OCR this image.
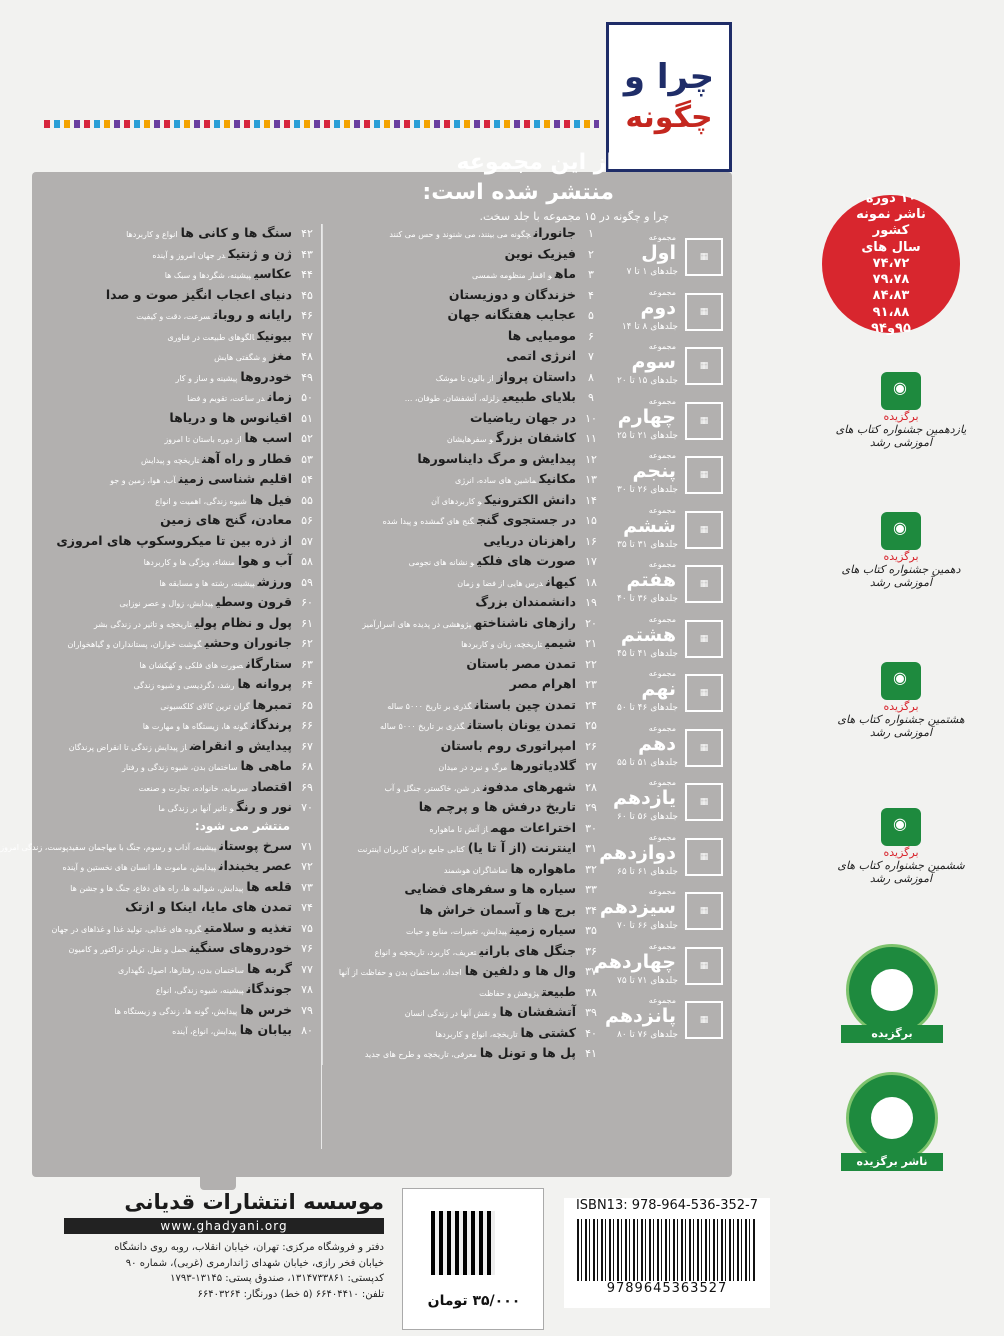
چرا و
چگونه
از این مجموعه
منتشر شده است:
چرا و چگونه در ۱۵ مجموعه با جلد سخت.
۱۰ دوره
ناشر نمونه
کشور
سال های
۷۴،۷۲
۷۹،۷۸
۸۴،۸۳
۹۱،۸۸
۹۵و۹۴
◉
برگزیده
یازدهمین جشنواره کتاب های آموزشی رشد
◉
برگزیده
دهمین جشنواره کتاب های آموزشی رشد
◉
برگزیده
هشتمین جشنواره کتاب های آموزشی رشد
◉
برگزیده
ششمین جشنواره کتاب های آموزشی رشد
برگزیده
ناشر برگزیده
▦
مجموعه
اول
جلدهای ۱ تا ۷
▦
مجموعه
دوم
جلدهای ۸ تا ۱۴
▦
مجموعه
سوم
جلدهای ۱۵ تا ۲۰
▦
مجموعه
چهارم
جلدهای ۲۱ تا ۲۵
▦
مجموعه
پنجم
جلدهای ۲۶ تا ۳۰
▦
مجموعه
ششم
جلدهای ۳۱ تا ۳۵
▦
مجموعه
هفتم
جلدهای ۳۶ تا ۴۰
▦
مجموعه
هشتم
جلدهای ۴۱ تا ۴۵
▦
مجموعه
نهم
جلدهای ۴۶ تا ۵۰
▦
مجموعه
دهم
جلدهای ۵۱ تا ۵۵
▦
مجموعه
یازدهم
جلدهای ۵۶ تا ۶۰
▦
مجموعه
دوازدهم
جلدهای ۶۱ تا ۶۵
▦
مجموعه
سیزدهم
جلدهای ۶۶ تا ۷۰
▦
مجموعه
چهاردهم
جلدهای ۷۱ تا ۷۵
▦
مجموعه
پانزدهم
جلدهای ۷۶ تا ۸۰
۱
جانورانچگونه می بینند، می شنوند و حس می کنند
۲
فیزیک نوین
۳
ماهو اقمار منظومه شمسی
۴
خزندگان و دوزیستان
۵
عجایب هفتگانه جهان
۶
مومیایی ها
۷
انرژی اتمی
۸
داستان پروازاز بالون تا موشک
۹
بلایای طبیعیزلزله، آتشفشان، طوفان، ...
۱۰
در جهان ریاضیات
۱۱
کاشفان بزرگو سفرهایشان
۱۲
پیدایش و مرگ دایناسورها
۱۳
مکانیکماشین های ساده، انرژی
۱۴
دانش الکترونیکو کاربردهای آن
۱۵
در جستجوی گنجگنج های گمشده و پیدا شده
۱۶
راهزنان دریایی
۱۷
صورت های فلکیو نشانه های نجومی
۱۸
کیهاندرس هایی از فضا و زمان
۱۹
دانشمندان بزرگ
۲۰
رازهای ناشناختهپژوهشی در پدیده های اسرارآمیز
۲۱
شیمیتاریخچه، زبان و کاربردها
۲۲
تمدن مصر باستان
۲۳
اهرام مصر
۲۴
تمدن چین باستانگذری بر تاریخ ۵۰۰۰ ساله
۲۵
تمدن یونان باستانگذری بر تاریخ ۵۰۰۰ ساله
۲۶
امپراتوری روم باستان
۲۷
گلادیاتورهامرگ و نبرد در میدان
۲۸
شهرهای مدفوندر شن، خاکستر، جنگل و آب
۲۹
تاریخ درفش ها و پرچم ها
۳۰
اختراعات مهماز آتش تا ماهواره
۳۱
اینترنت (از آ تا یا)کتابی جامع برای کاربران اینترنت
۳۲
ماهواره هاتماشاگران هوشمند
۳۳
سیاره ها و سفرهای فضایی
۳۴
برج ها و آسمان خراش ها
۳۵
سیاره زمینپیدایش، تغییرات، منابع و حیات
۳۶
جنگل های بارانیتعریف، کاربرد، تاریخچه و انواع
۳۷
وال ها و دلفین هااجداد، ساختمان بدن و حفاظت از آنها
۳۸
طبیعتپژوهش و حفاظت
۳۹
آتشفشان هاو نقش آنها در زندگی انسان
۴۰
کشتی هاتاریخچه، انواع و کاربردها
۴۱
پل ها و تونل هامعرفی، تاریخچه و طرح های جدید
۴۲
سنگ ها و کانی هاانواع و کاربردها
۴۳
ژن و ژنتیکدر جهان امروز و آینده
۴۴
عکاسیپیشینه، شگردها و سبک ها
۴۵
دنیای اعجاب انگیز صوت و صدا
۴۶
رایانه و روباتسرعت، دقت و کیفیت
۴۷
بیونیکالگوهای طبیعت در فناوری
۴۸
مغزو شگفتی هایش
۴۹
خودروهاپیشینه و ساز و کار
۵۰
زماندر ساعت، تقویم و فضا
۵۱
اقیانوس ها و دریاها
۵۲
اسب هااز دوره باستان تا امروز
۵۳
قطار و راه آهنتاریخچه و پیدایش
۵۴
اقلیم شناسی زمینآب، هوا، زمین و جو
۵۵
فیل هاشیوه زندگی، اهمیت و انواع
۵۶
معادن، گنج های زمین
۵۷
از ذره بین تا میکروسکوپ های امروزی
۵۸
آب و هوامنشاء، ویژگی ها و کاربردها
۵۹
ورزشپیشینه، رشته ها و مسابقه ها
۶۰
قرون وسطیپیدایش، زوال و عصر نوزایی
۶۱
پول و نظام پولیتاریخچه و تاثیر در زندگی بشر
۶۲
جانوران وحشیگوشت خواران، پستانداران و گیاهخواران
۶۳
ستارگانصورت های فلکی و کهکشان ها
۶۴
پروانه هارشد، دگردیسی و شیوه زندگی
۶۵
تمبرهاگران ترین کالای کلکسیونی
۶۶
پرندگانگونه ها، زیستگاه ها و مهارت ها
۶۷
پیدایش و انقراضاز پیدایش زندگی تا انقراض پرندگان
۶۸
ماهی هاساختمان بدن، شیوه زندگی و رفتار
۶۹
اقتصادسرمایه، خانواده، تجارت و صنعت
۷۰
نور و رنگو تاثیر آنها بر زندگی ما
منتشر می شود:
۷۱
سرخ پوستانپیشینه، آداب و رسوم، جنگ با مهاجمان سفیدپوست، زندگی امروز
۷۲
عصر یخبندانپیدایش، ماموت ها، انسان های نخستین و آینده
۷۳
قلعه هاپیدایش، شوالیه ها، راه های دفاع، جنگ ها و جشن ها
۷۴
تمدن های مایا، اینکا و ازتک
۷۵
تغذیه و سلامتیگروه های غذایی، تولید غذا و غذاهای در جهان
۷۶
خودروهای سنگینحمل و نقل، تریلر، تراکتور و کامیون
۷۷
گربه هاساختمان بدن، رفتارها، اصول نگهداری
۷۸
جوندگانپیشینه، شیوه زندگی، انواع
۷۹
خرس هاپیدایش، گونه ها، زندگی و زیستگاه ها
۸۰
بیابان هاپیدایش، انواع، آینده
موسسه انتشارات قدیانی
www.ghadyani.org
دفتر و فروشگاه مرکزی: تهران، خیابان انقلاب، روبه روی دانشگاه
خیابان فخر رازی، خیابان شهدای ژاندارمری (غربی)، شماره ۹۰
کدپستی: ۱۳۱۴۷۳۳۸۶۱، صندوق پستی: ۱۳۱۴۵-۱۷۹۳
تلفن: ۶۶۴۰۴۴۱۰ (۵ خط) دورنگار: ۶۶۴۰۳۲۶۴	۳۵/۰۰۰ تومان
ISBN13: 978-964-536-352-7
9789645363527
